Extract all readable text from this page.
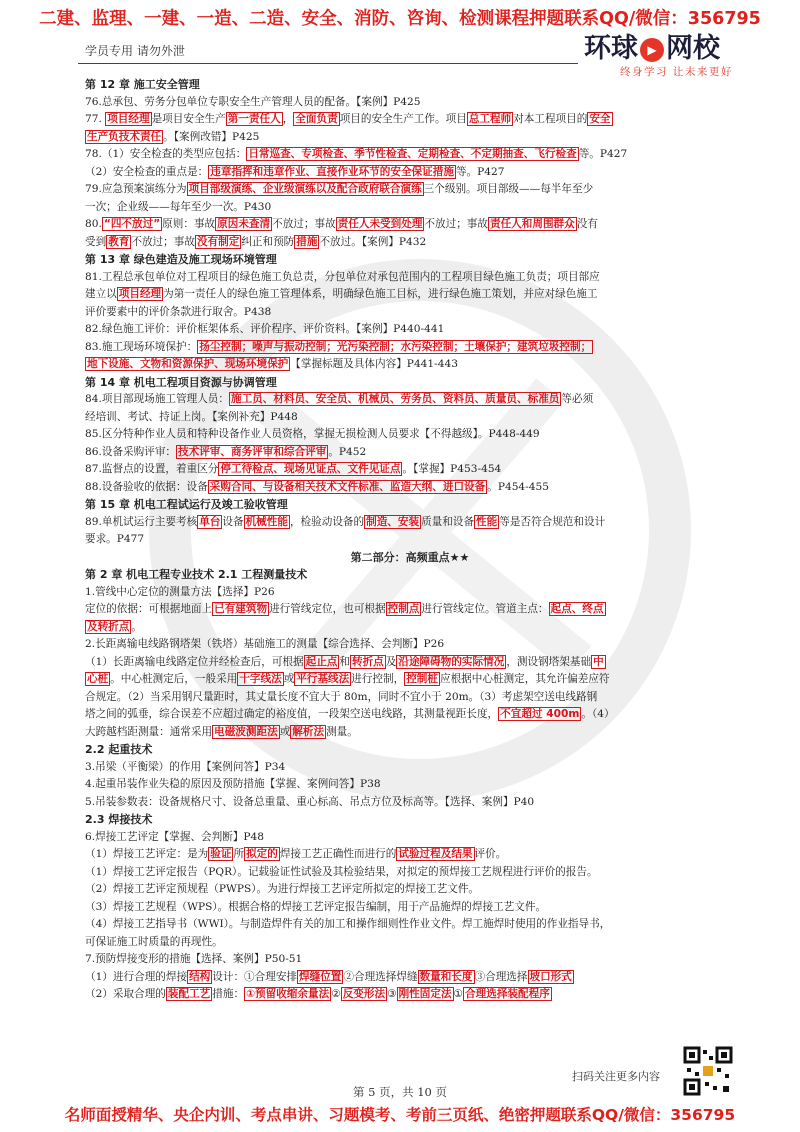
二建、监理、一建、一造、二造、安全、消防、咨询、检测课程押题联系QQ/微信：356795
学员专用 请勿外泄	环球 ▶ 网校
终身学习 让未来更好

第 12 章 施工安全管理

76.总承包、劳务分包单位专职安全生产管理人员的配备。【案例】P425

77. 项目经理 是项目安全生产 第一责任人 ， 全面负责 项目的安全生产工作。项目 总工程师 对本工程项目的 安全

生产负技术责任 。【案例改错】P425

78.（1）安全检查的类型应包括： 日常巡查、专项检查、季节性检查、定期检查、不定期抽查、飞行检查 等。P427

（2）安全检查的重点是： 违章指挥和违章作业、直接作业环节的安全保证措施 等。P427

79.应急预案演练分为 项目部级演练、企业级演练以及配合政府联合演练 三个级别。项目部级——每半年至少

一次；企业级——每年至少一次。P430

80. “四不放过” 原则：事故 原因未查清 不放过；事故 责任人未受到处理 不放过；事故 责任人和周围群众 没有

受到 教育 不放过；事故 没有制定 纠正和预防 措施 不放过。【案例】P432

第 13 章 绿色建造及施工现场环境管理

81.工程总承包单位对工程项目的绿色施工负总责，分包单位对承包范围内的工程项目绿色施工负责；项目部应

建立以 项目经理 为第一责任人的绿色施工管理体系，明确绿色施工目标，进行绿色施工策划，并应对绿色施工

评价要素中的评价条款进行取舍。P438

82.绿色施工评价：评价框架体系、评价程序、评价资料。【案例】P440-441

83.施工现场环境保护： 扬尘控制；噪声与振动控制；光污染控制；水污染控制；土壤保护；建筑垃圾控制；

地下设施、文物和资源保护、现场环境保护 【掌握标题及具体内容】P441-443

第 14 章 机电工程项目资源与协调管理

84.项目部现场施工管理人员： 施工员、材料员、安全员、机械员、劳务员、资料员、质量员、标准员 等必须

经培训、考试、持证上岗。【案例补充】P448

85.区分特种作业人员和特种设备作业人员资格，掌握无损检测人员要求【不得越级】。P448-449

86.设备采购评审： 技术评审、商务评审和综合评审 。P452

87.监督点的设置，着重区分 停工待检点、现场见证点、文件见证点 。【掌握】P453-454

88.设备验收的依据：设备 采购合同、与设备相关技术文件标准、监造大纲、进口设备 。P454-455

第 15 章 机电工程试运行及竣工验收管理

89.单机试运行主要考核 单台 设备 机械性能 ，检验动设备的 制造、安装 质量和设备 性能 等是否符合规范和设计

要求。P477

第二部分：高频重点★★

第 2 章 机电工程专业技术 2.1 工程测量技术

1.管线中心定位的测量方法【选择】P26

定位的依据：可根据地面上 已有建筑物 进行管线定位，也可根据 控制点 进行管线定位。管道主点： 起点、终点

及转折点 。

2.长距离输电线路钢塔架（铁塔）基础施工的测量【综合选择、会判断】P26

（1）长距离输电线路定位并经检查后，可根据 起止点 和 转折点 及 沿途障碍物的实际情况 ，测设钢塔架基础 中

心桩 。中心桩测定后，一般采用 十字线法 或 平行基线法 进行控制， 控制桩 应根据中心桩测定，其允许偏差应符

合规定。（2）当采用钢尺量距时，其丈量长度不宜大于 80m，同时不宜小于 20m。（3）考虑架空送电线路钢

塔之间的弧垂，综合误差不应超过确定的裕度值，一段架空送电线路，其测量视距长度， 不宜超过 400m 。（4）

大跨越档距测量：通常采用 电磁波测距法 或 解析法 测量。

2.2 起重技术

3.吊梁（平衡梁）的作用【案例问答】P34

4.起重吊装作业失稳的原因及预防措施【掌握、案例问答】P38

5.吊装参数表：设备规格尺寸、设备总重量、重心标高、吊点方位及标高等。【选择、案例】P40

2.3 焊接技术

6.焊接工艺评定【掌握、会判断】P48

（1）焊接工艺评定：是为 验证 所 拟定的 焊接工艺正确性而进行的 试验过程及结果 评价。

（1）焊接工艺评定报告（PQR）。记载验证性试验及其检验结果，对拟定的预焊接工艺规程进行评价的报告。

（2）焊接工艺评定预规程（PWPS）。为进行焊接工艺评定所拟定的焊接工艺文件。

（3）焊接工艺规程（WPS）。根据合格的焊接工艺评定报告编制，用于产品施焊的焊接工艺文件。

（4）焊接工艺指导书（WWI）。与制造焊件有关的加工和操作细则性作业文件。焊工施焊时使用的作业指导书，

可保证施工时质量的再现性。

7.预防焊接变形的措施【选择、案例】P50-51

（1）进行合理的焊接 结构 设计：①合理安排 焊缝位置 ②合理选择焊缝 数量和长度 ③合理选择 坡口形式

（2）采取合理的 装配工艺 措施： ①预留收缩余量法 ② 反变形法 ③ 刚性固定法 ① 合理选择装配程序

扫码关注更多内容
第 5 页，共 10 页
名师面授精华、央企内训、考点串讲、习题模考、考前三页纸、绝密押题联系QQ/微信：356795
